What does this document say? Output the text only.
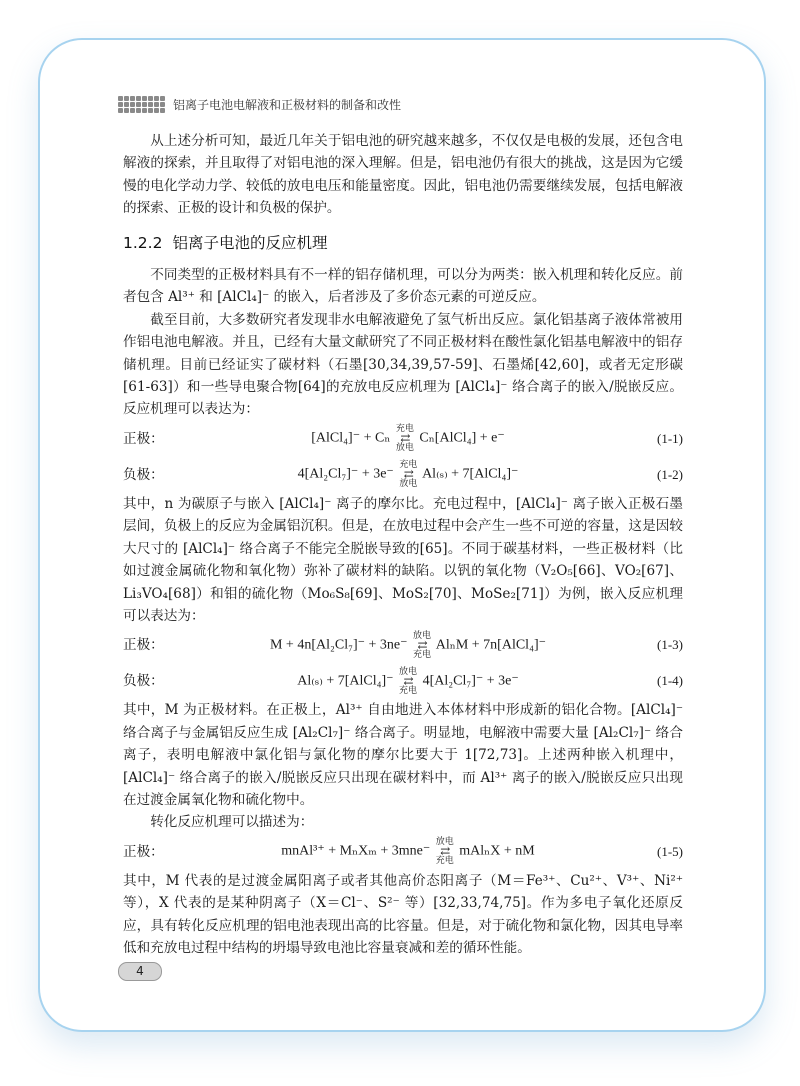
铝离子电池电解液和正极材料的制备和改性

从上述分析可知，最近几年关于铝电池的研究越来越多，不仅仅是电极的发展，还包含电解液的探索，并且取得了对铝电池的深入理解。但是，铝电池仍有很大的挑战，这是因为它缓慢的电化学动力学、较低的放电电压和能量密度。因此，铝电池仍需要继续发展，包括电解液的探索、正极的设计和负极的保护。

1.2.2 铝离子电池的反应机理

不同类型的正极材料具有不一样的铝存储机理，可以分为两类：嵌入机理和转化反应。前者包含 Al³⁺ 和 [AlCl₄]⁻ 的嵌入，后者涉及了多价态元素的可逆反应。

截至目前，大多数研究者发现非水电解液避免了氢气析出反应。氯化铝基离子液体常被用作铝电池电解液。并且，已经有大量文献研究了不同正极材料在酸性氯化铝基电解液中的铝存储机理。目前已经证实了碳材料（石墨[30,34,39,57-59]、石墨烯[42,60]，或者无定形碳[61-63]）和一些导电聚合物[64]的充放电反应机理为 [AlCl₄]⁻ 络合离子的嵌入/脱嵌反应。反应机理可以表达为：

正极：	[AlCl₄]⁻ + Cₙ
充电
⇄
放电
Cₙ[AlCl₄] + e⁻	(1-1)
负极：	4[Al₂Cl₇]⁻ + 3e⁻
充电
⇄
放电
Al₍ₛ₎ + 7[AlCl₄]⁻	(1-2)

其中，n 为碳原子与嵌入 [AlCl₄]⁻ 离子的摩尔比。充电过程中，[AlCl₄]⁻ 离子嵌入正极石墨层间，负极上的反应为金属铝沉积。但是，在放电过程中会产生一些不可逆的容量，这是因较大尺寸的 [AlCl₄]⁻ 络合离子不能完全脱嵌导致的[65]。不同于碳基材料，一些正极材料（比如过渡金属硫化物和氧化物）弥补了碳材料的缺陷。以钒的氧化物（V₂O₅[66]、VO₂[67]、Li₃VO₄[68]）和钼的硫化物（Mo₆S₈[69]、MoS₂[70]、MoSe₂[71]）为例，嵌入反应机理可以表达为：

正极：	M + 4n[Al₂Cl₇]⁻ + 3ne⁻
放电
⇄
充电
AlₙM + 7n[AlCl₄]⁻	(1-3)
负极：	Al₍ₛ₎ + 7[AlCl₄]⁻
放电
⇄
充电
4[Al₂Cl₇]⁻ + 3e⁻	(1-4)

其中，M 为正极材料。在正极上，Al³⁺ 自由地进入本体材料中形成新的铝化合物。[AlCl₄]⁻ 络合离子与金属铝反应生成 [Al₂Cl₇]⁻ 络合离子。明显地，电解液中需要大量 [Al₂Cl₇]⁻ 络合离子，表明电解液中氯化铝与氯化物的摩尔比要大于 1[72,73]。上述两种嵌入机理中，[AlCl₄]⁻ 络合离子的嵌入/脱嵌反应只出现在碳材料中，而 Al³⁺ 离子的嵌入/脱嵌反应只出现在过渡金属氧化物和硫化物中。

转化反应机理可以描述为：

正极：	mnAl³⁺ + MₙXₘ + 3mne⁻
放电
⇄
充电
mAlₙX + nM	(1-5)

其中，M 代表的是过渡金属阳离子或者其他高价态阳离子（M＝Fe³⁺、Cu²⁺、V³⁺、Ni²⁺ 等），X 代表的是某种阴离子（X＝Cl⁻、S²⁻ 等）[32,33,74,75]。作为多电子氧化还原反应，具有转化反应机理的铝电池表现出高的比容量。但是，对于硫化物和氯化物，因其电导率低和充放电过程中结构的坍塌导致电池比容量衰减和差的循环性能。

4
